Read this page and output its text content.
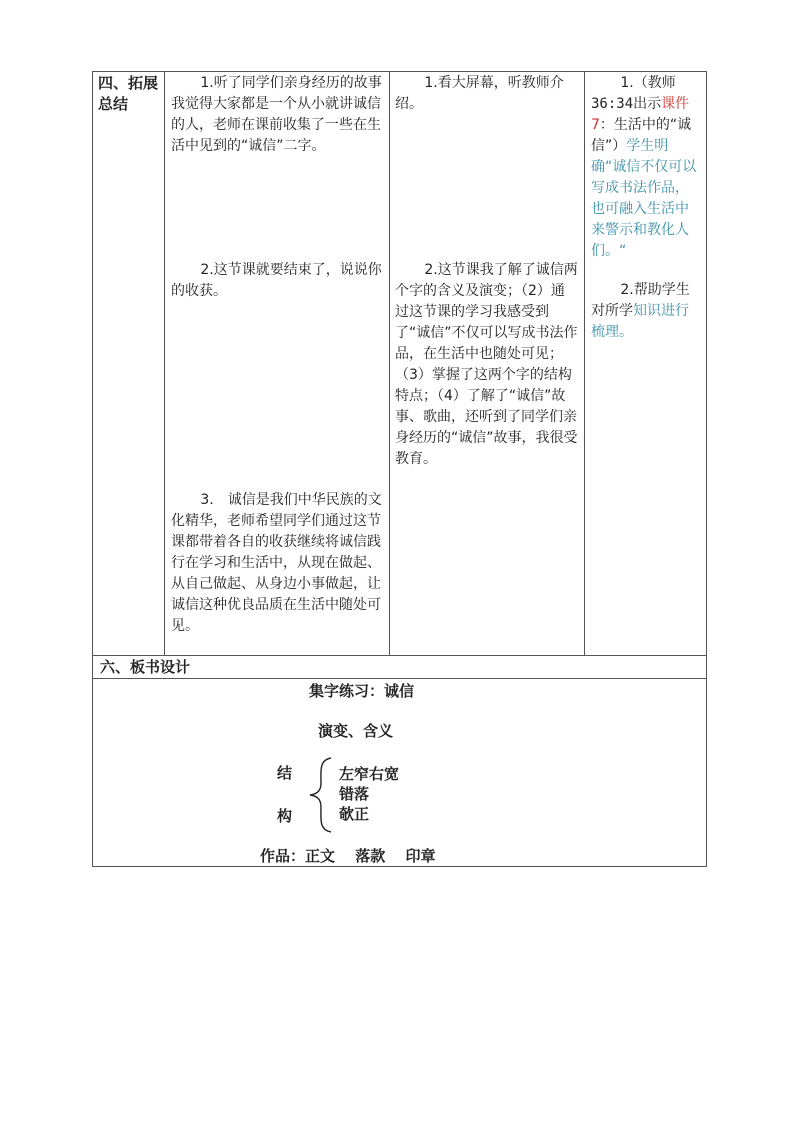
四、拓展总结

1.听了同学们亲身经历的故事我觉得大家都是一个从小就讲诚信的人，老师在课前收集了一些在生活中见到的“诚信”二字。

2.这节课就要结束了，说说你的收获。

3.　诚信是我们中华民族的文化精华，老师希望同学们通过这节课都带着各自的收获继续将诚信践行在学习和生活中，从现在做起、从自己做起、从身边小事做起，让诚信这种优良品质在生活中随处可见。

1.看大屏幕，听教师介绍。

2.这节课我了解了诚信两个字的含义及演变；（2）通过这节课的学习我感受到了“诚信”不仅可以写成书法作品，在生活中也随处可见；（3）掌握了这两个字的结构特点；（4）了解了“诚信”故事、歌曲，还听到了同学们亲身经历的“诚信”故事，我很受教育。

1.（教师36:34出示课件7：生活中的“诚信”）学生明确“诚信不仅可以写成书法作品，也可融入生活中来警示和教化人们。“

2.帮助学生对所学知识进行梳理。

六、板书设计
集字练习：诚信
演变、含义
结
构
左窄右宽
错落
欹正
作品：正文　 落款　 印章
